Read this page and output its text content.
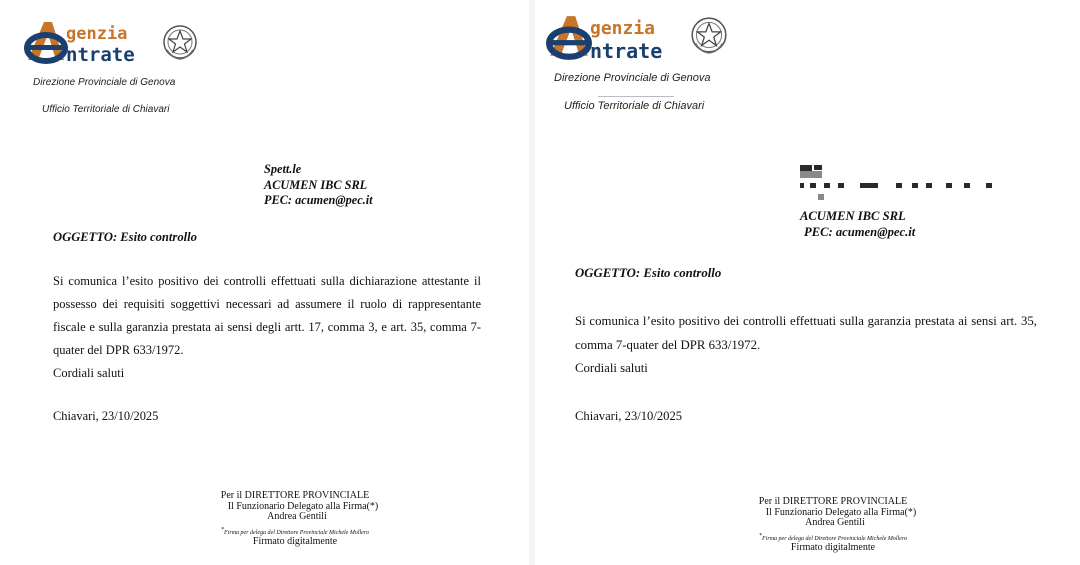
genzia
ntrate
Direzione Provinciale di Genova
Ufficio Territoriale di Chiavari
Spett.le
ACUMEN IBC SRL
PEC: acumen@pec.it
OGGETTO: Esito controllo

Si comunica l’esito positivo dei controlli effettuati sulla dichiarazione attestante il possesso dei requisiti soggettivi necessari ad assumere il ruolo di rappresentante fiscale e sulla garanzia prestata ai sensi degli artt. 17, comma 3, e art. 35, comma 7-quater del DPR 633/1972.

Cordiali saluti

Chiavari, 23/10/2025
Per il DIRETTORE PROVINCIALE
Il Funzionario Delegato alla Firma(*)
Andrea Gentili
*Firma per delega del Direttore Provinciale Michele Mollero
Firmato digitalmente
genzia
ntrate
Direzione Provinciale di Genova
Ufficio Territoriale di Chiavari
ACUMEN IBC SRL
PEC: acumen@pec.it
OGGETTO: Esito controllo

Si comunica l’esito positivo dei controlli effettuati sulla garanzia prestata ai sensi art. 35, comma 7-quater del DPR 633/1972.

Cordiali saluti

Chiavari, 23/10/2025
Per il DIRETTORE PROVINCIALE
Il Funzionario Delegato alla Firma(*)
Andrea Gentili
*Firma per delega del Direttore Provinciale Michele Mollero
Firmato digitalmente
